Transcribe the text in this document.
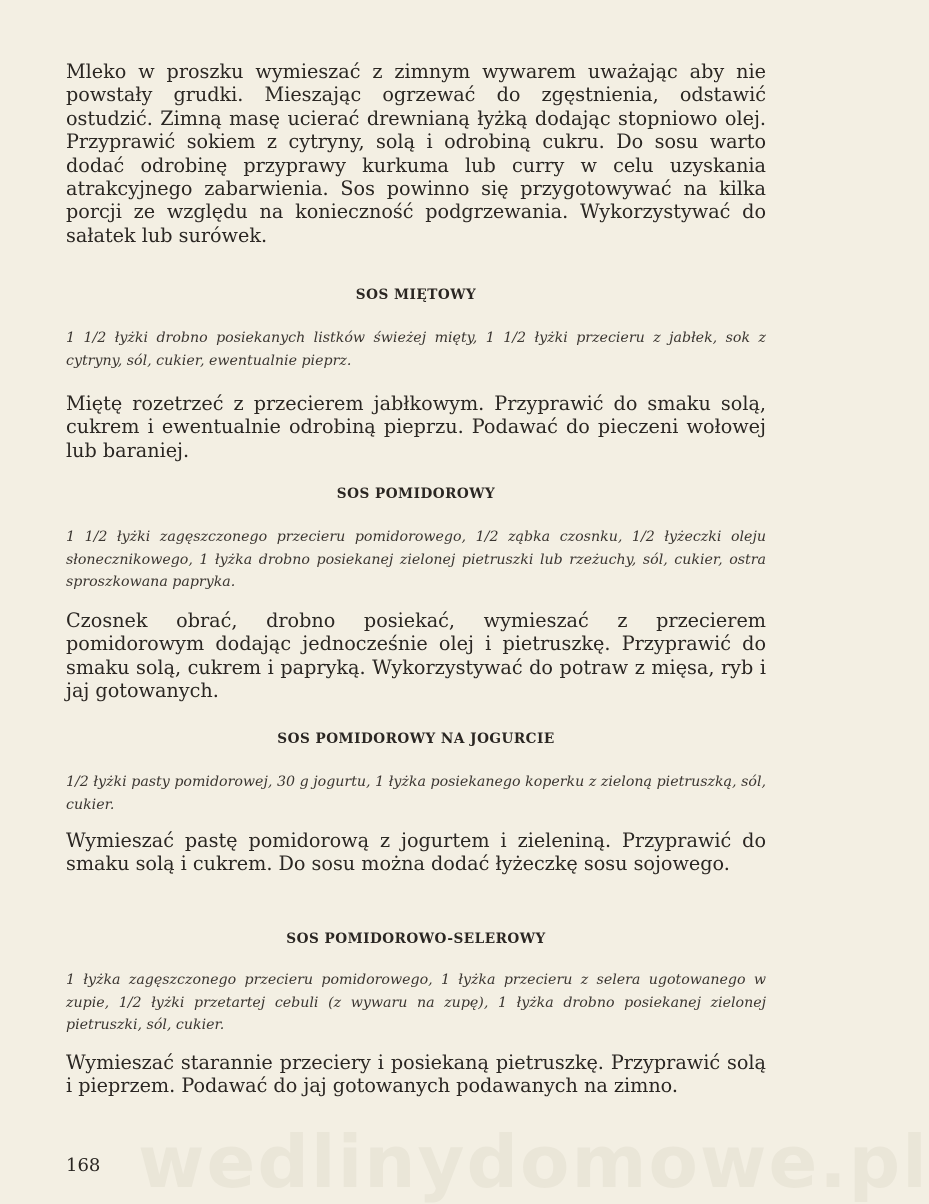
Mleko w proszku wymieszać z zimnym wywarem uważając aby nie powstały grudki. Mieszając ogrzewać do zgęstnienia, odstawić ostudzić. Zimną masę ucierać drewnianą łyżką dodając stopniowo olej. Przyprawić sokiem z cytryny, solą i odrobiną cukru. Do sosu warto dodać odrobinę przyprawy kurkuma lub curry w celu uzyskania atrakcyjnego zabarwienia. Sos powinno się przygotowywać na kilka porcji ze względu na konieczność podgrzewania. Wykorzystywać do sałatek lub surówek.

SOS MIĘTOWY

1 1/2 łyżki drobno posiekanych listków świeżej mięty, 1 1/2 łyżki przecieru z jabłek, sok z cytryny, sól, cukier, ewentualnie pieprz.

Miętę rozetrzeć z przecierem jabłkowym. Przyprawić do smaku solą, cukrem i ewentualnie odrobiną pieprzu. Podawać do pieczeni wołowej lub baraniej.

SOS POMIDOROWY

1 1/2 łyżki zagęszczonego przecieru pomidorowego, 1/2 ząbka czosnku, 1/2 łyżeczki oleju słonecznikowego, 1 łyżka drobno posiekanej zielonej pietruszki lub rzeżuchy, sól, cukier, ostra sproszkowana papryka.

Czosnek obrać, drobno posiekać, wymieszać z przecierem pomidorowym dodając jednocześnie olej i pietruszkę. Przyprawić do smaku solą, cukrem i papryką. Wykorzystywać do potraw z mięsa, ryb i jaj gotowanych.

SOS POMIDOROWY NA JOGURCIE

1/2 łyżki pasty pomidorowej, 30 g jogurtu, 1 łyżka posiekanego koperku z zieloną pietruszką, sól, cukier.

Wymieszać pastę pomidorową z jogurtem i zieleniną. Przyprawić do smaku solą i cukrem. Do sosu można dodać łyżeczkę sosu sojowego.

SOS POMIDOROWO-SELEROWY

1 łyżka zagęszczonego przecieru pomidorowego, 1 łyżka przecieru z selera ugotowanego w zupie, 1/2 łyżki przetartej cebuli (z wywaru na zupę), 1 łyżka drobno posiekanej zielonej pietruszki, sól, cukier.

Wymieszać starannie przeciery i posiekaną pietruszkę. Przyprawić solą i pieprzem. Podawać do jaj gotowanych podawanych na zimno.

wedlinydomowe.pl

168
